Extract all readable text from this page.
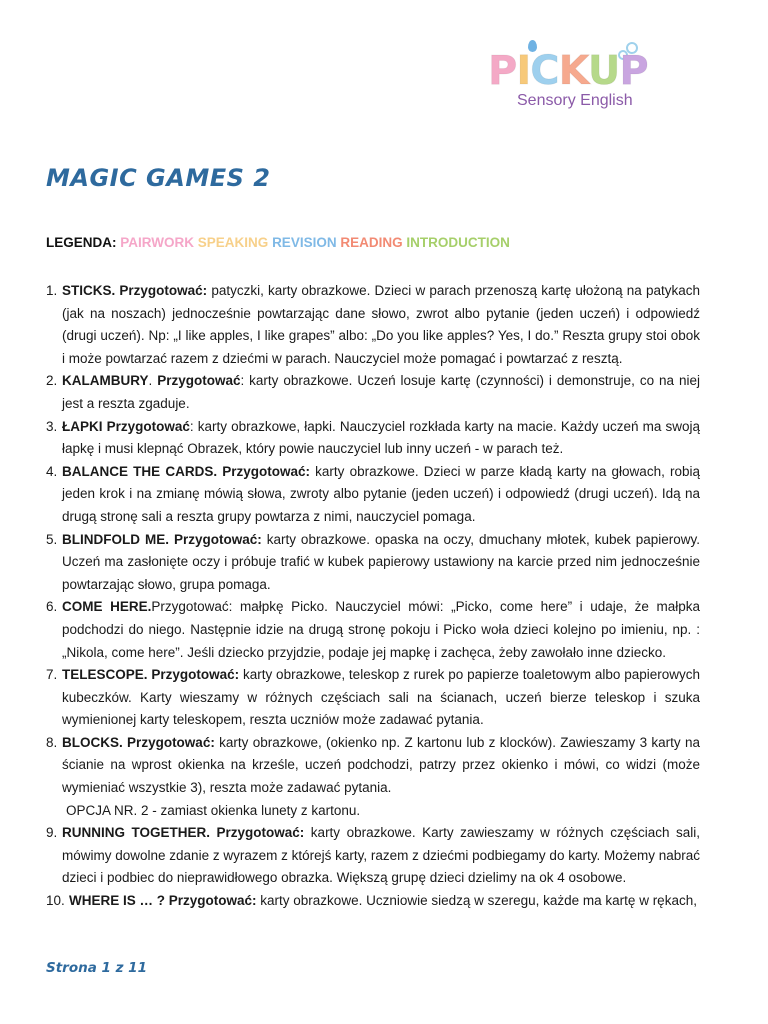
PICKUP
Sensory English
MAGIC GAMES 2
LEGENDA: PAIRWORK SPEAKING REVISION READING INTRODUCTION
1. STICKS. Przygotować: patyczki, karty obrazkowe. Dzieci w parach przenoszą kartę ułożoną na patykach (jak na noszach) jednocześnie powtarzając dane słowo, zwrot albo pytanie (jeden uczeń) i odpowiedź (drugi uczeń). Np: „I like apples, I like grapes” albo: „Do you like apples? Yes, I do.” Reszta grupy stoi obok i może powtarzać razem z dziećmi w parach. Nauczyciel może pomagać i powtarzać z resztą.
2. KALAMBURY. Przygotować: karty obrazkowe. Uczeń losuje kartę (czynności) i demonstruje, co na niej jest a reszta zgaduje.
3. ŁAPKI Przygotować: karty obrazkowe, łapki. Nauczyciel rozkłada karty na macie. Każdy uczeń ma swoją łapkę i musi klepnąć Obrazek, który powie nauczyciel lub inny uczeń - w parach też.
4. BALANCE THE CARDS. Przygotować: karty obrazkowe. Dzieci w parze kładą karty na głowach, robią jeden krok i na zmianę mówią słowa, zwroty albo pytanie (jeden uczeń) i odpowiedź (drugi uczeń). Idą na drugą stronę sali a reszta grupy powtarza z nimi, nauczyciel pomaga.
5. BLINDFOLD ME. Przygotować: karty obrazkowe. opaska na oczy, dmuchany młotek, kubek papierowy. Uczeń ma zasłonięte oczy i próbuje trafić w kubek papierowy ustawiony na karcie przed nim jednocześnie powtarzając słowo, grupa pomaga.
6. COME HERE.Przygotować: małpkę Picko. Nauczyciel mówi: „Picko, come here” i udaje, że małpka podchodzi do niego. Następnie idzie na drugą stronę pokoju i Picko woła dzieci kolejno po imieniu, np. : „Nikola, come here”. Jeśli dziecko przyjdzie, podaje jej mapkę i zachęca, żeby zawołało inne dziecko.
7. TELESCOPE. Przygotować: karty obrazkowe, teleskop z rurek po papierze toaletowym albo papierowych kubeczków. Karty wieszamy w różnych częściach sali na ścianach, uczeń bierze teleskop i szuka wymienionej karty teleskopem, reszta uczniów może zadawać pytania.
8. BLOCKS. Przygotować: karty obrazkowe, (okienko np. Z kartonu lub z klocków). Zawieszamy 3 karty na ścianie na wprost okienka na krześle, uczeń podchodzi, patrzy przez okienko i mówi, co widzi (może wymieniać wszystkie 3), reszta może zadawać pytania.
OPCJA NR. 2 - zamiast okienka lunety z kartonu.
9. RUNNING TOGETHER. Przygotować: karty obrazkowe. Karty zawieszamy w różnych częściach sali, mówimy dowolne zdanie z wyrazem z którejś karty, razem z dziećmi podbiegamy do karty. Możemy nabrać dzieci i podbiec do nieprawidłowego obrazka. Większą grupę dzieci dzielimy na ok 4 osobowe.
10. WHERE IS … ? Przygotować: karty obrazkowe. Uczniowie siedzą w szeregu, każde ma kartę w rękach,
Strona 1 z 11
